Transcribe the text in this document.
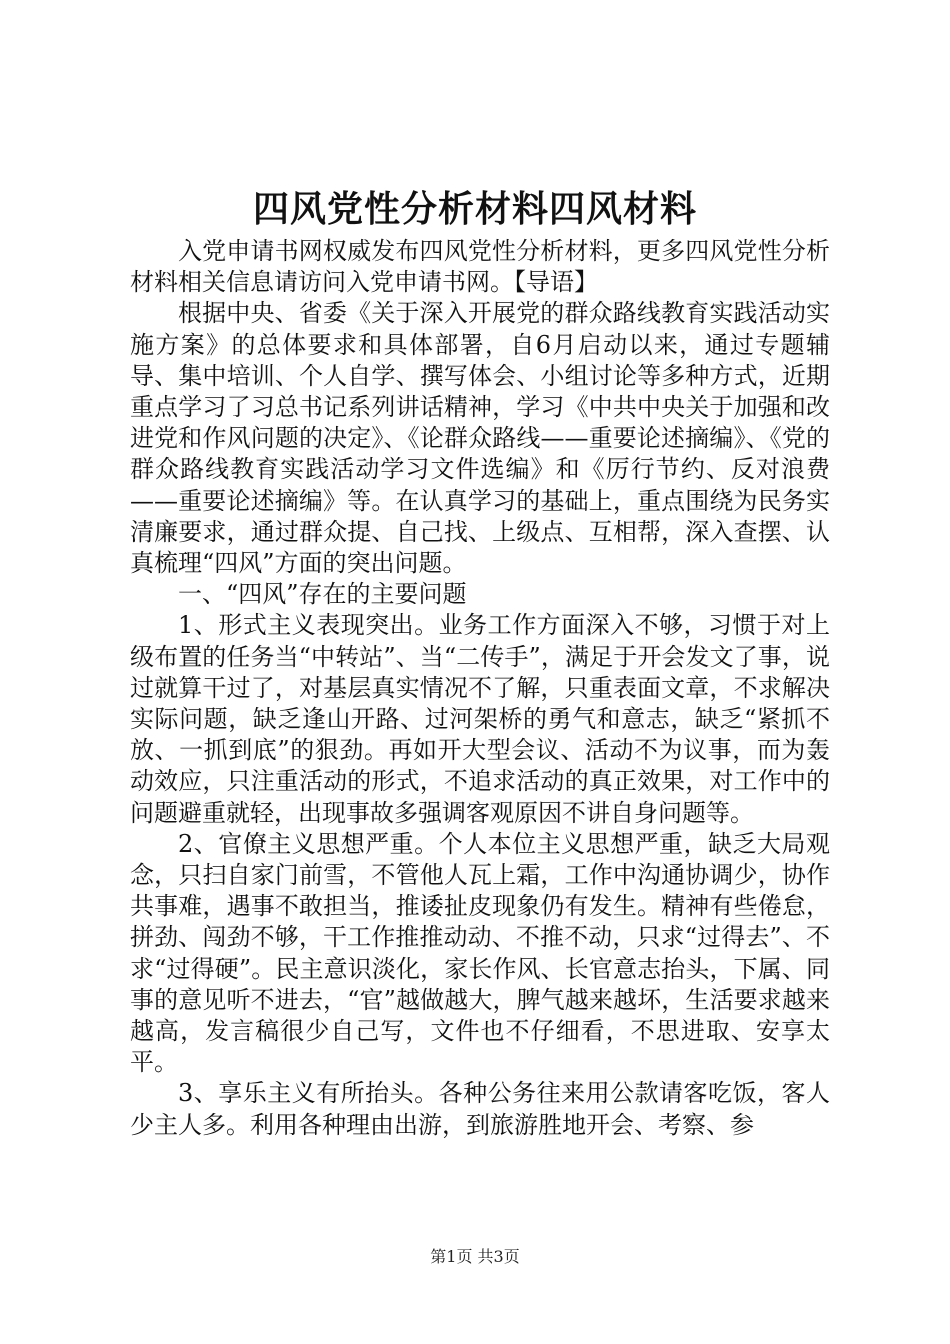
四风党性分析材料四风材料

入党申请书网权威发布四风党性分析材料，更多四风党性分析材料相关信息请访问入党申请书网。【导语】

根据中央、省委《关于深入开展党的群众路线教育实践活动实施方案》的总体要求和具体部署，自6月启动以来，通过专题辅导、集中培训、个人自学、撰写体会、小组讨论等多种方式，近期重点学习了习总书记系列讲话精神，学习《中共中央关于加强和改进党和作风问题的决定》、《论群众路线——重要论述摘编》、《党的群众路线教育实践活动学习文件选编》和《厉行节约、反对浪费——重要论述摘编》等。在认真学习的基础上，重点围绕为民务实清廉要求，通过群众提、自己找、上级点、互相帮，深入查摆、认真梳理“四风”方面的突出问题。

一、“四风”存在的主要问题

1、形式主义表现突出。业务工作方面深入不够，习惯于对上级布置的任务当“中转站”、当“二传手”，满足于开会发文了事，说过就算干过了，对基层真实情况不了解，只重表面文章，不求解决实际问题，缺乏逢山开路、过河架桥的勇气和意志，缺乏“紧抓不放、一抓到底”的狠劲。再如开大型会议、活动不为议事，而为轰动效应，只注重活动的形式，不追求活动的真正效果，对工作中的问题避重就轻，出现事故多强调客观原因不讲自身问题等。

2、官僚主义思想严重。个人本位主义思想严重，缺乏大局观念，只扫自家门前雪，不管他人瓦上霜，工作中沟通协调少，协作共事难，遇事不敢担当，推诿扯皮现象仍有发生。精神有些倦怠，拼劲、闯劲不够，干工作推推动动、不推不动，只求“过得去”、不求“过得硬”。民主意识淡化，家长作风、长官意志抬头，下属、同事的意见听不进去，“官”越做越大，脾气越来越坏，生活要求越来越高，发言稿很少自己写，文件也不仔细看，不思进取、安享太平。

3、享乐主义有所抬头。各种公务往来用公款请客吃饭，客人少主人多。利用各种理由出游，到旅游胜地开会、考察、参

第1页 共3页
